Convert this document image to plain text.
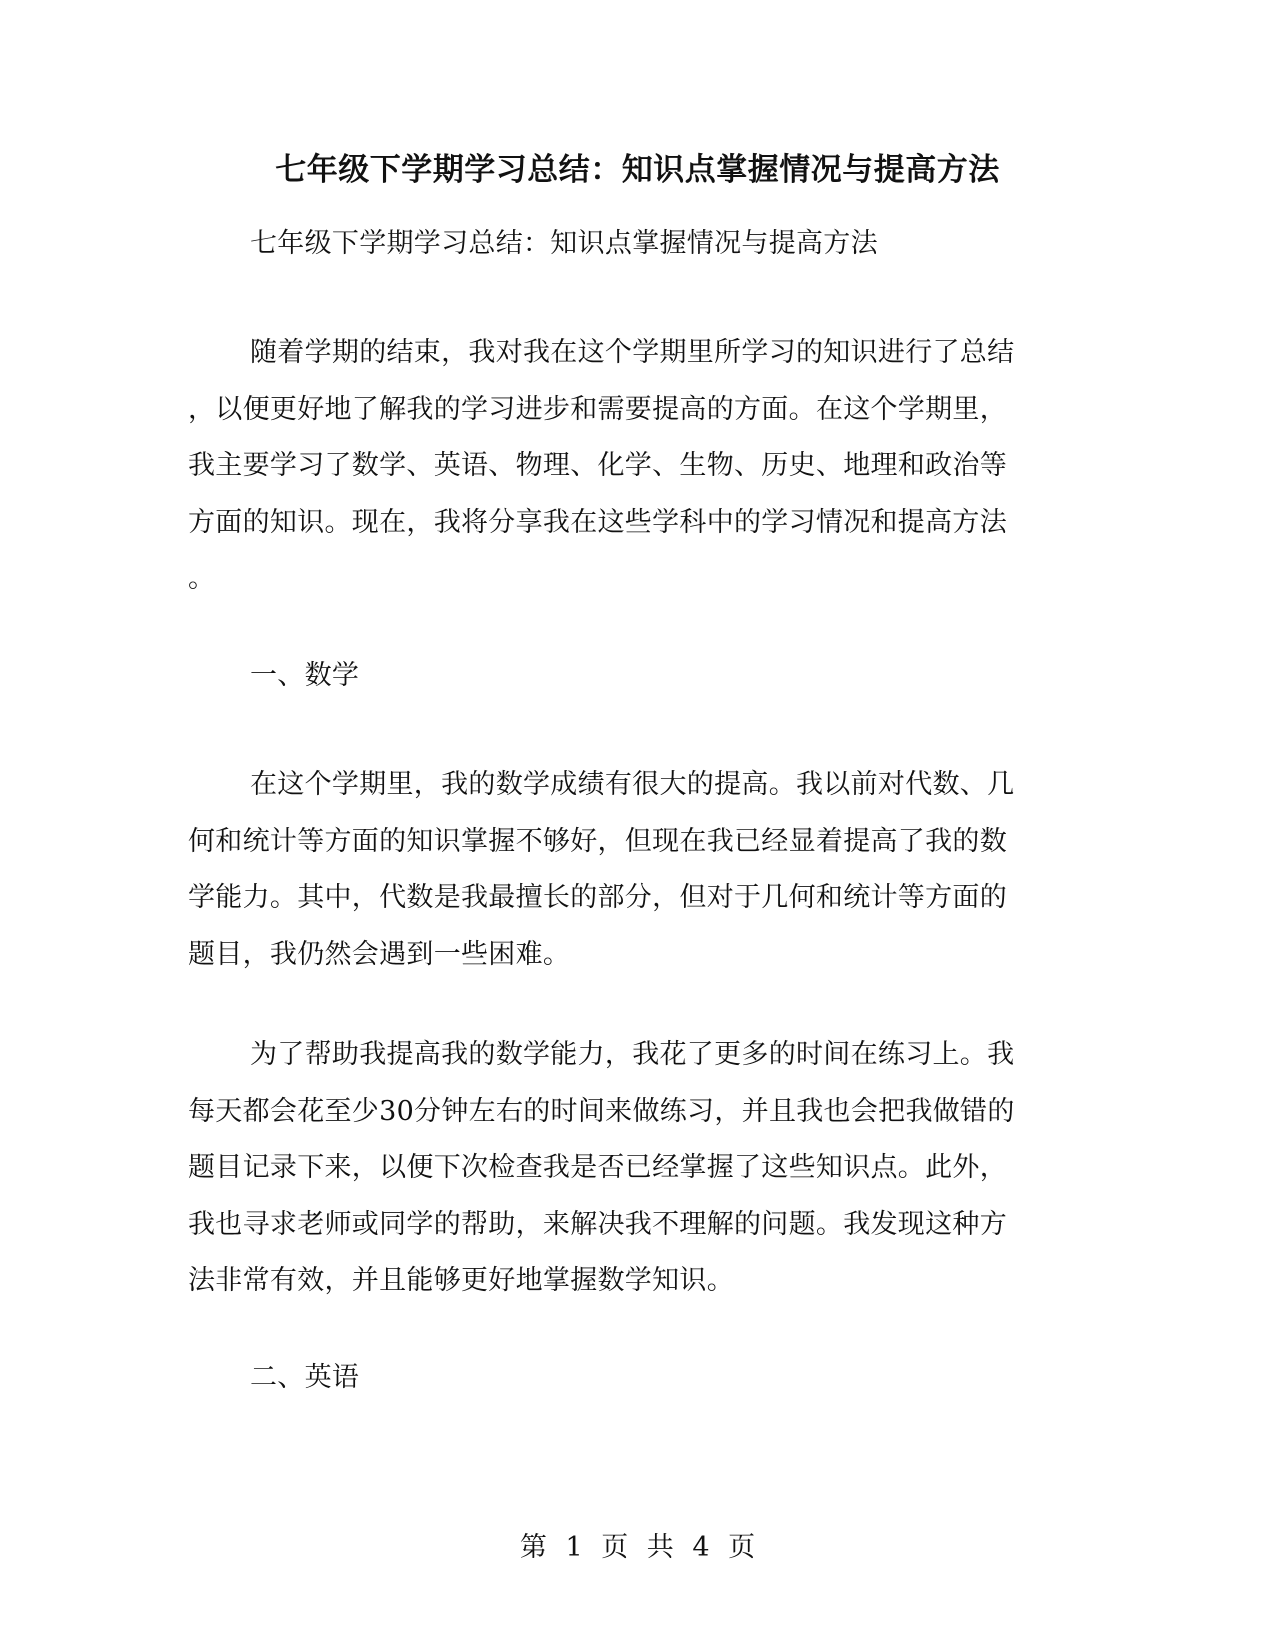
七年级下学期学习总结：知识点掌握情况与提高方法
七年级下学期学习总结：知识点掌握情况与提高方法
随着学期的结束，我对我在这个学期里所学习的知识进行了总结
，以便更好地了解我的学习进步和需要提高的方面。在这个学期里，
我主要学习了数学、英语、物理、化学、生物、历史、地理和政治等
方面的知识。现在，我将分享我在这些学科中的学习情况和提高方法
。
一、数学
在这个学期里，我的数学成绩有很大的提高。我以前对代数、几
何和统计等方面的知识掌握不够好，但现在我已经显着提高了我的数
学能力。其中，代数是我最擅长的部分，但对于几何和统计等方面的
题目，我仍然会遇到一些困难。
为了帮助我提高我的数学能力，我花了更多的时间在练习上。我
每天都会花至少30分钟左右的时间来做练习，并且我也会把我做错的
题目记录下来，以便下次检查我是否已经掌握了这些知识点。此外，
我也寻求老师或同学的帮助，来解决我不理解的问题。我发现这种方
法非常有效，并且能够更好地掌握数学知识。
二、英语
第 1 页 共 4 页
